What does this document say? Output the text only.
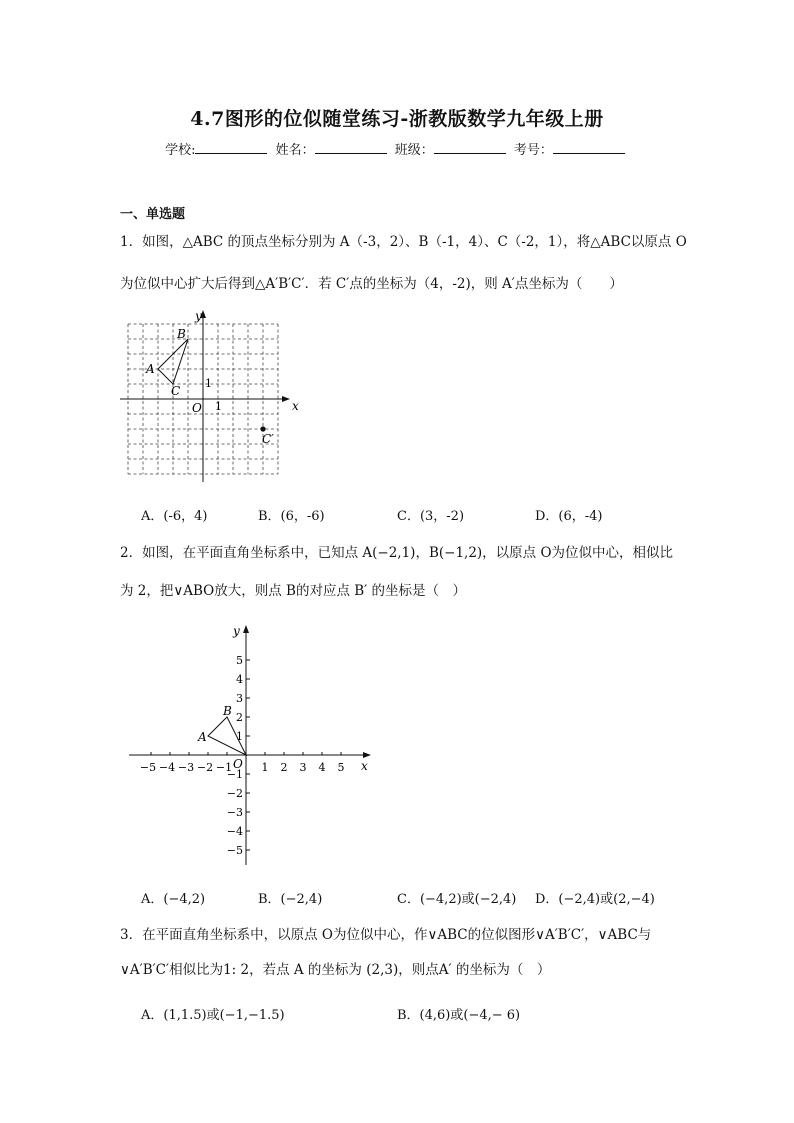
4.7图形的位似随堂练习-浙教版数学九年级上册
学校:	姓名：	班级：	考号：
一、单选题
1．如图，△ABC 的顶点坐标分别为 A（-3，2）、B（-1，4）、C（-2，1），将△ABC以原点 O
为位似中心扩大后得到△A′B′C′．若 C′点的坐标为（4，-2)，则 A′点坐标为（　　）
x
y
O
1
1
B
A
C
C′
A．(-6，4)	B．(6，-6)	C．(3，-2)	D．(6，-4)
2．如图，在平面直角坐标系中，已知点 A(−2,1)，B(−1,2)，以原点 O为位似中心，相似比
为 2，把∨ABO放大，则点 B的对应点 B′ 的坐标是（　）
x
y
O
B
A
−5 −4 −3 −2 −1	1 2 3 4 5
5
4
3
2
1
−1
−2
−3
−4
−5
A．(−4,2)	B．(−2,4)	C．(−4,2)或(−2,4) D．(−2,4)或(2,−4)
3．在平面直角坐标系中，以原点 O为位似中心，作∨ABC的位似图形∨A′B′C′，∨ABC与
∨A′B′C′相似比为1: 2，若点 A 的坐标为 (2,3)，则点A′ 的坐标为（　）
A．(1,1.5)或(−1,−1.5)	B．(4,6)或(−4,− 6)
